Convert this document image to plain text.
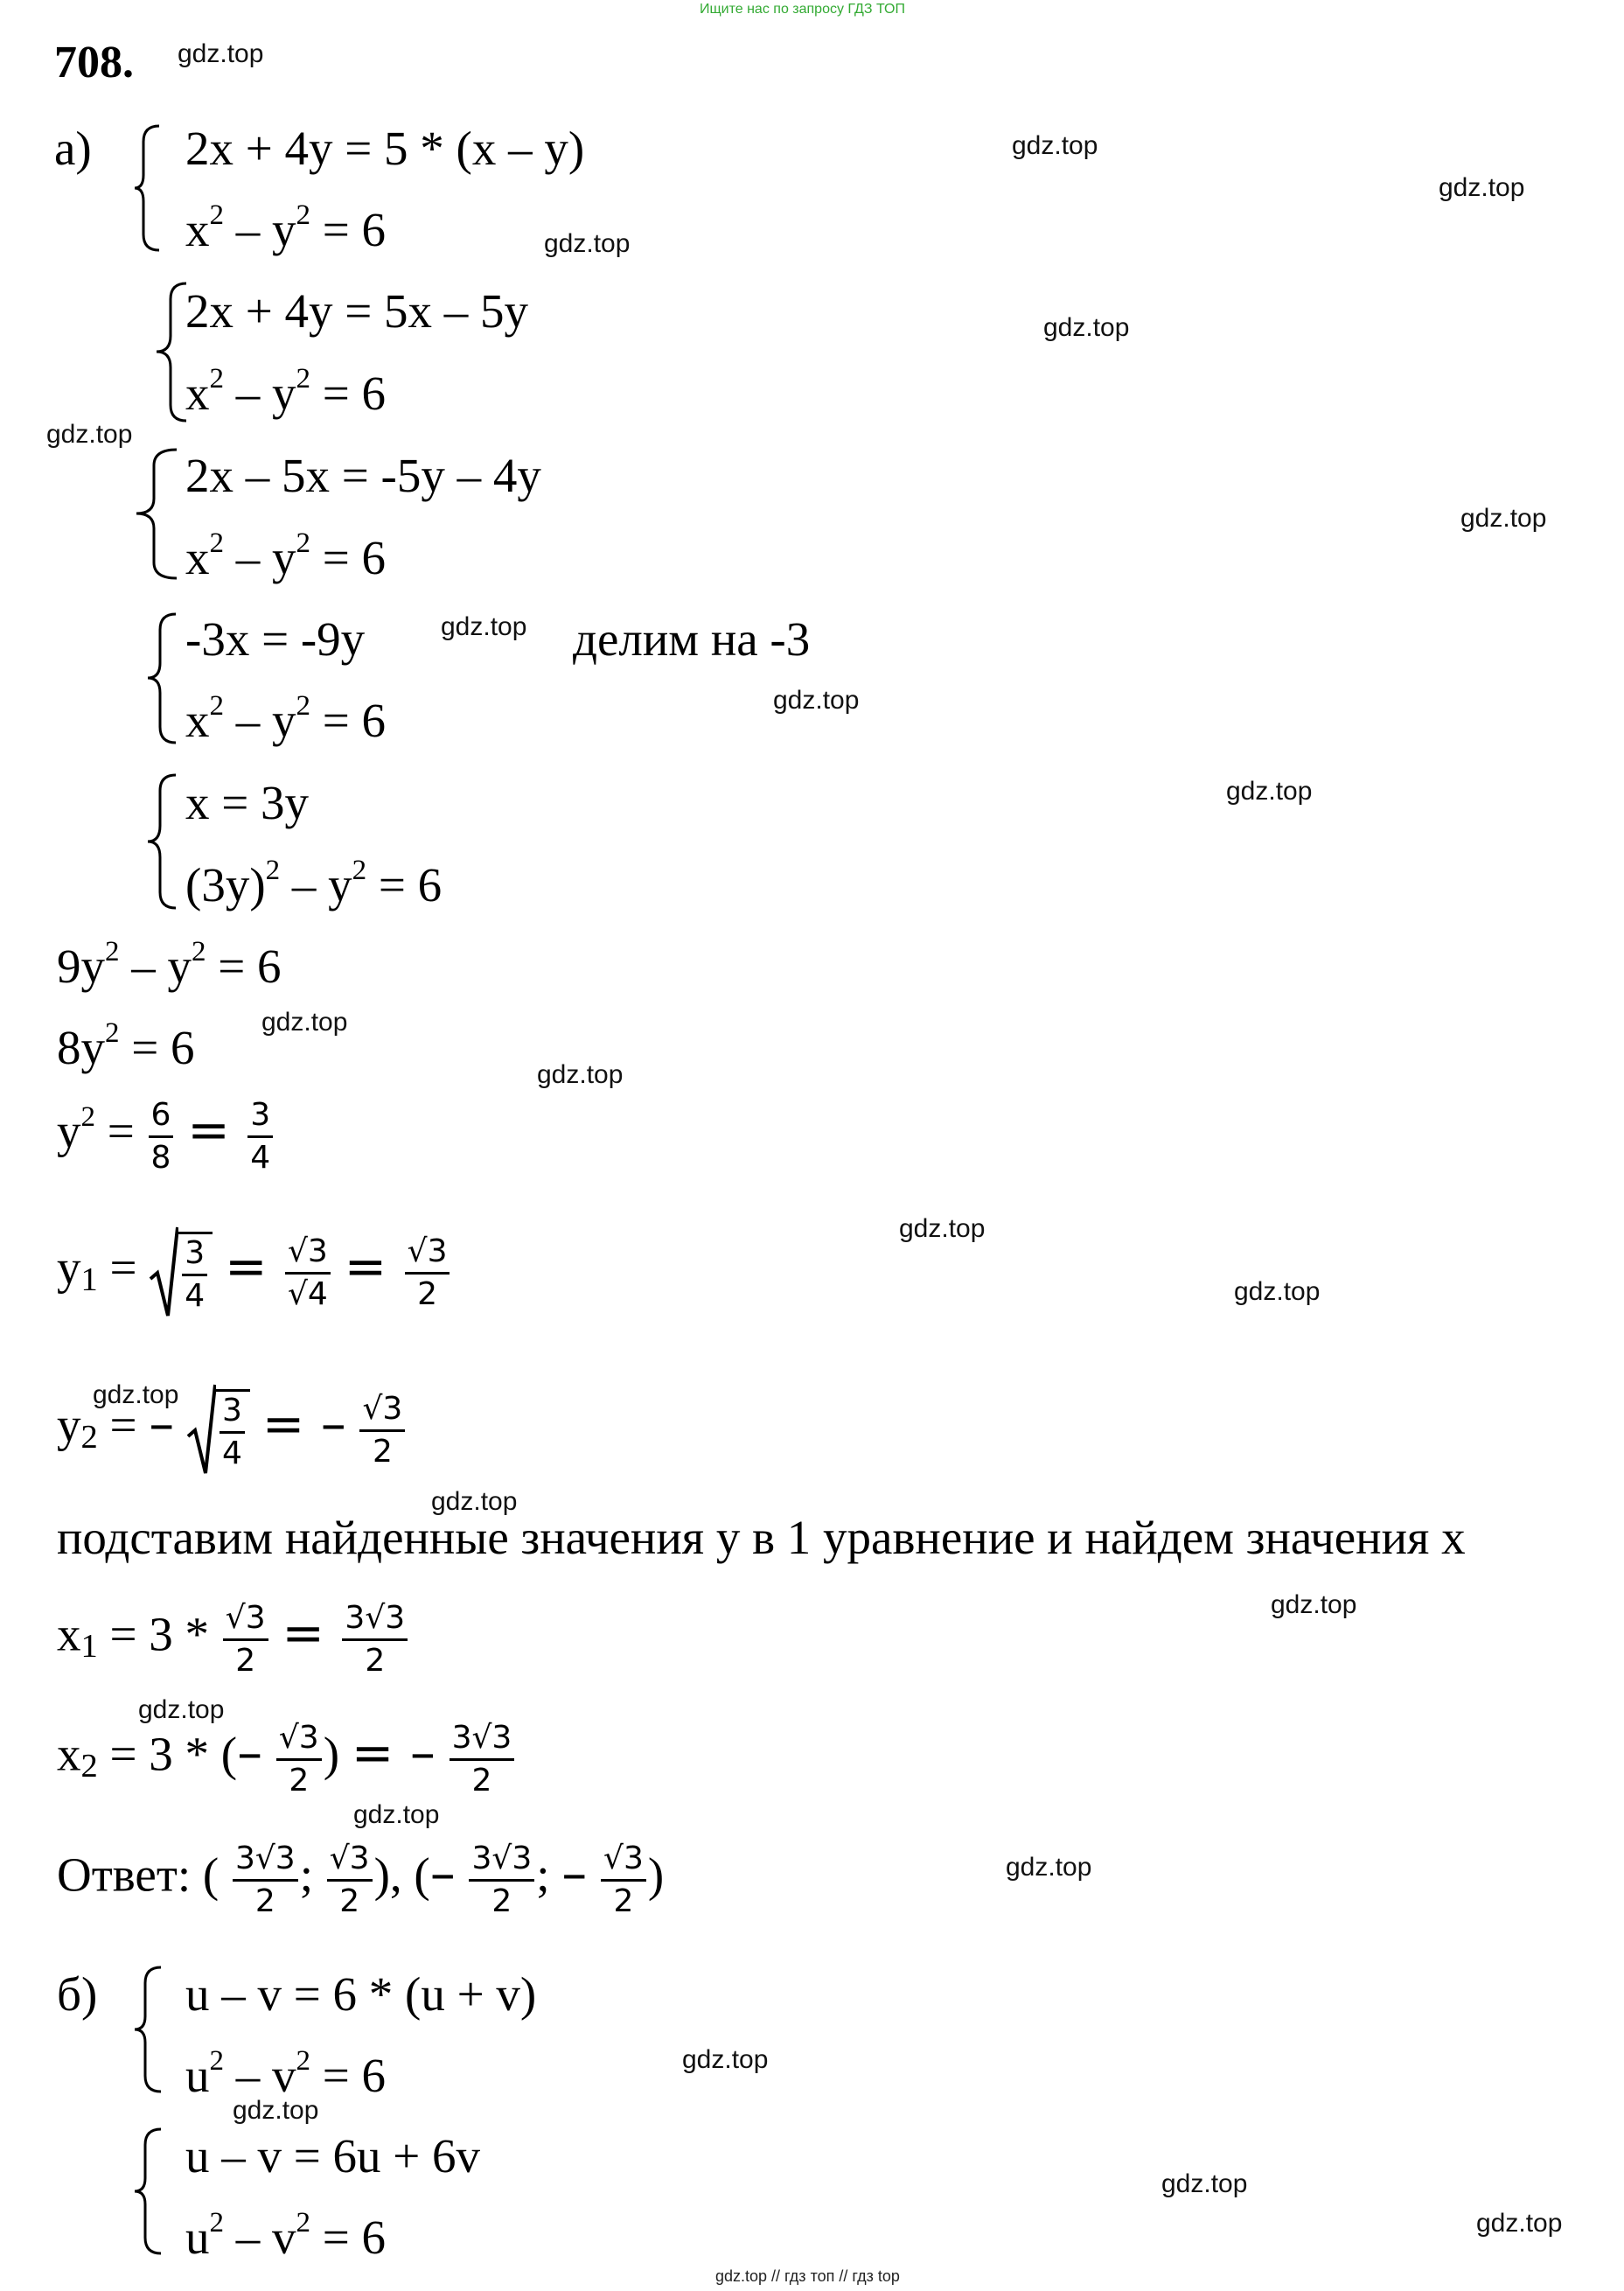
Ищите нас по запросу ГДЗ ТОП
gdz.top // гдз топ // гдз top
gdz.top
gdz.top
gdz.top
gdz.top
gdz.top
gdz.top
gdz.top
gdz.top
gdz.top
gdz.top
gdz.top
gdz.top
gdz.top
gdz.top
gdz.top
gdz.top
gdz.top
gdz.top
gdz.top
gdz.top
gdz.top
gdz.top
gdz.top
gdz.top
708.
а) 2x + 4y = 5 * (x – y)
$x^2 - y^2 = 6$
2x + 4y = 5x – 5y
$x^2 - y^2 = 6$
2x – 5x = -5y – 4y
$x^2 - y^2 = 6$
-3x = -9y	делим на -3
$x^2 - y^2 = 6$
x = 3y
$(3y)^2 - y^2 = 6$
$9y^2 - y^2 = 6$
$8y^2 = 6$
$y^2 = \frac{6}{8} = \frac{3}{4}$
$y_1 = \frac{3}{4} = \frac{√3}{√4} = \frac{√3}{2}$
$y_2$ = – $\frac{3}{4}$ = – $\frac{√3}{2}$
подставим найденные значения у в 1 уравнение и найдем значения х
$x_1 = 3 * \frac{√3}{2} = \frac{3√3}{2}$
$x_2 = 3$ * (– $\frac{√3}{2}$ ) = – $\frac{3√3}{2}$
Ответ: ( $\frac{3√3}{2}$ ; $\frac{√3}{2}$ ), (– $\frac{3√3}{2}$ ; – $\frac{√3}{2}$ )
б) u – v = 6 * (u + v)
$u^2 - v^2 = 6$
u – v = 6u + 6v
$u^2 - v^2 = 6$
